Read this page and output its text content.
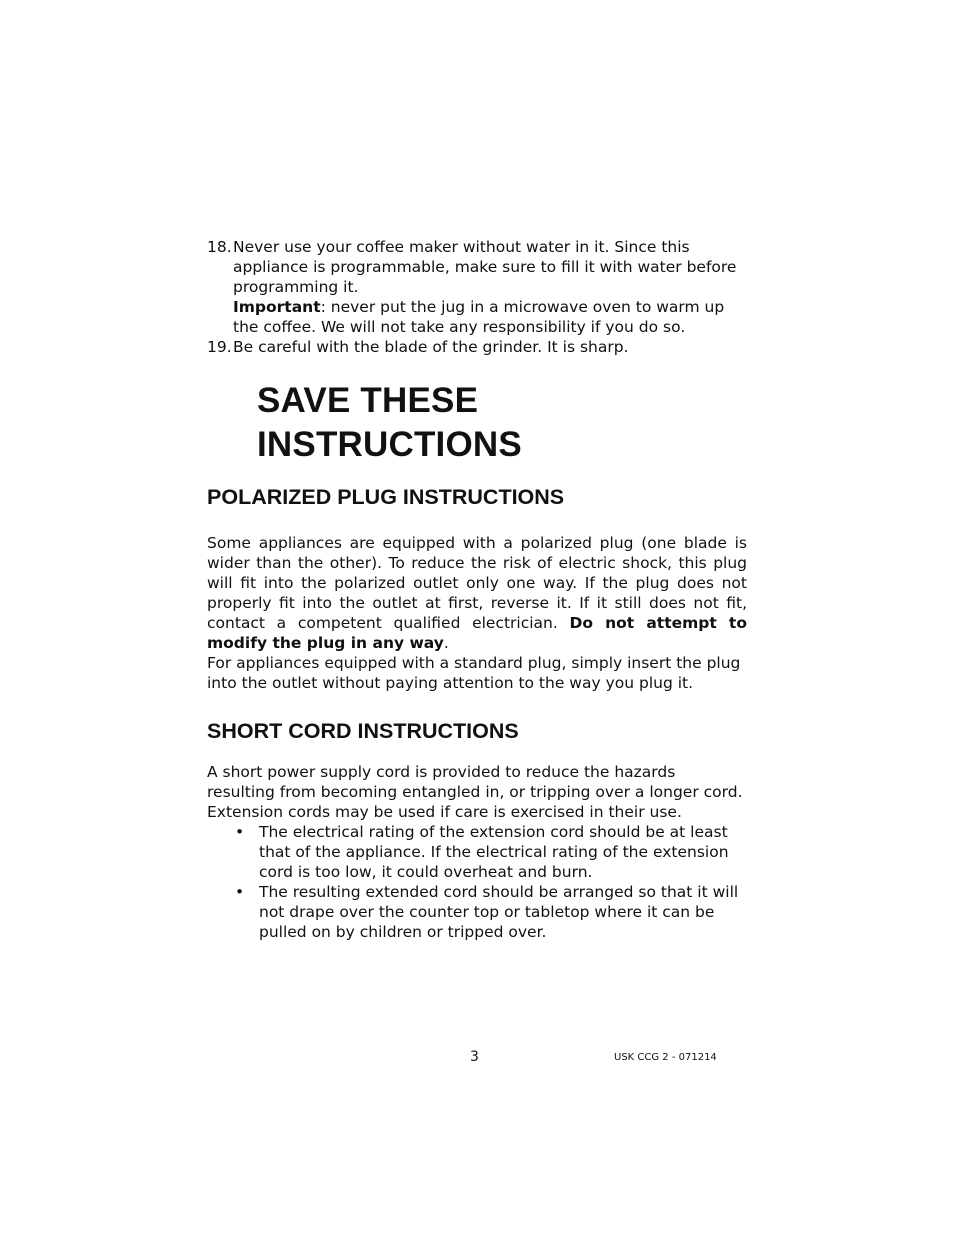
18. Never use your coffee maker without water in it. Since this appliance is programmable, make sure to fill it with water before programming it.
Important: never put the jug in a microwave oven to warm up the coffee. We will not take any responsibility if you do so.
19. Be careful with the blade of the grinder. It is sharp.
SAVE THESE INSTRUCTIONS
POLARIZED PLUG INSTRUCTIONS

Some appliances are equipped with a polarized plug (one blade is wider than the other). To reduce the risk of electric shock, this plug will fit into the polarized outlet only one way. If the plug does not properly fit into the outlet at first, reverse it. If it still does not fit, contact a competent qualified electrician. Do not attempt to modify the plug in any way.

For appliances equipped with a standard plug, simply insert the plug into the outlet without paying attention to the way you plug it.

SHORT CORD INSTRUCTIONS

A short power supply cord is provided to reduce the hazards resulting from becoming entangled in, or tripping over a longer cord. Extension cords may be used if care is exercised in their use.

• The electrical rating of the extension cord should be at least that of the appliance. If the electrical rating of the extension cord is too low, it could overheat and burn.
• The resulting extended cord should be arranged so that it will not drape over the counter top or tabletop where it can be pulled on by children or tripped over.
3	USK CCG 2 - 071214
